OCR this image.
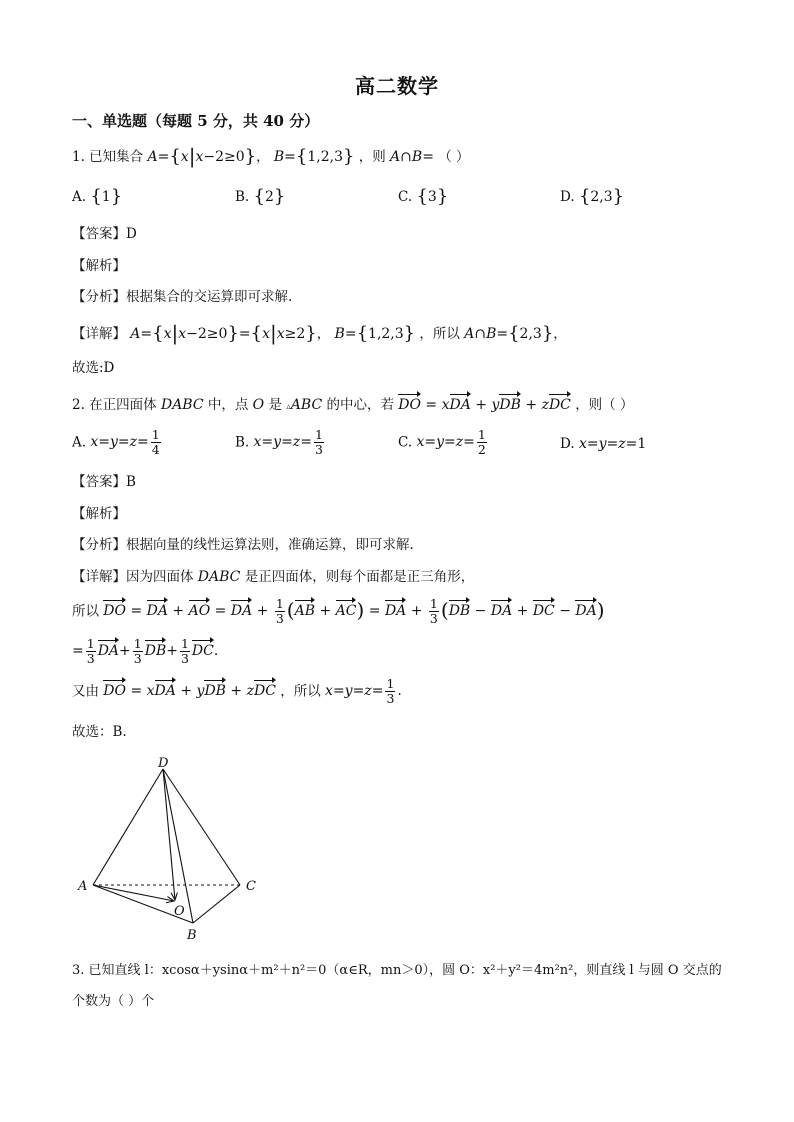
高二数学
一、单选题（每题 5 分，共 40 分）
1. 已知集合 A={x|x−2≥0}， B={1,2,3} ，则 A∩B= （ ）
A. {1}	B. {2}	C. {3}	D. {2,3}
【答案】D
【解析】
【分析】根据集合的交运算即可求解.
【详解】 A={x|x−2≥0}={x|x≥2}， B={1,2,3} ，所以 A∩B={2,3}，
故选:D
2. 在正四面体 DABC 中，点 O 是 ▵ABC 的中心，若 DO = xDA + yDB + zDC ，则（ ）
A. $x=y=z= \frac{1}{4}$	B. $x=y=z= \frac{1}{3}$	C. $x=y=z= \frac{1}{2}$	D. x=y=z=1
【答案】B
【解析】
【分析】根据向量的线性运算法则，准确运算，即可求解.
【详解】因为四面体 DABC 是正四面体，则每个面都是正三角形，
所以 DO = DA + AO = DA + $\frac{1}{3} (AB + AC)$ = DA + $\frac{1}{3} (DB$ − DA + DC − DA)
= $\frac{1}{3} DA+ \frac{1}{3} DB+ \frac{1}{3}$ DC.
又由 DO = xDA + yDB + zDC ，所以 $x=y=z= \frac{1}{3}$ .
故选：B.
D
A	C
O
B
3. 已知直线 l：xcosα＋ysinα＋m²＋n²＝0（α∈R，mn＞0），圆 O：x²＋y²＝4m²n²，则直线 l 与圆 O 交点的
个数为（ ）个
